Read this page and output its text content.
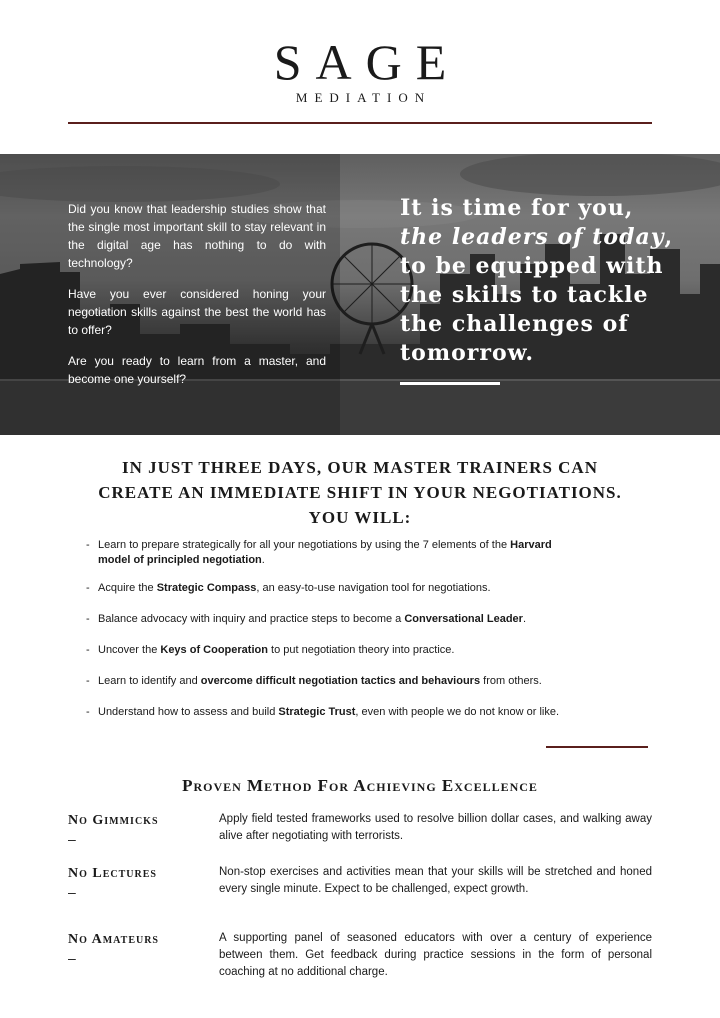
SAGE
MEDIATION

Did you know that leadership studies show that the single most important skill to stay relevant in the digital age has nothing to do with technology?

Have you ever considered honing your negotiation skills against the best the world has to offer?

Are you ready to learn from a master, and become one yourself?

It is time for you,
the leaders of today,
to be equipped with
the skills to tackle
the challenges of
tomorrow.
IN JUST THREE DAYS, OUR MASTER TRAINERS CAN
CREATE AN IMMEDIATE SHIFT IN YOUR NEGOTIATIONS.
YOU WILL:
- Learn to prepare strategically for all your negotiations by using the 7 elements of the Harvard model of principled negotiation.
- Acquire the Strategic Compass, an easy-to-use navigation tool for negotiations.
- Balance advocacy with inquiry and practice steps to become a Conversational Leader.
- Uncover the Keys of Cooperation to put negotiation theory into practice.
- Learn to identify and overcome difficult negotiation tactics and behaviours from others.
- Understand how to assess and build Strategic Trust, even with people we do not know or like.
Proven Method For Achieving Excellence
No Gimmicks
–
Apply field tested frameworks used to resolve billion dollar cases, and walking away alive after negotiating with terrorists.
No Lectures
–
Non-stop exercises and activities mean that your skills will be stretched and honed every single minute. Expect to be challenged, expect growth.
No Amateurs
–
A supporting panel of seasoned educators with over a century of experience between them. Get feedback during practice sessions in the form of personal coaching at no additional charge.
